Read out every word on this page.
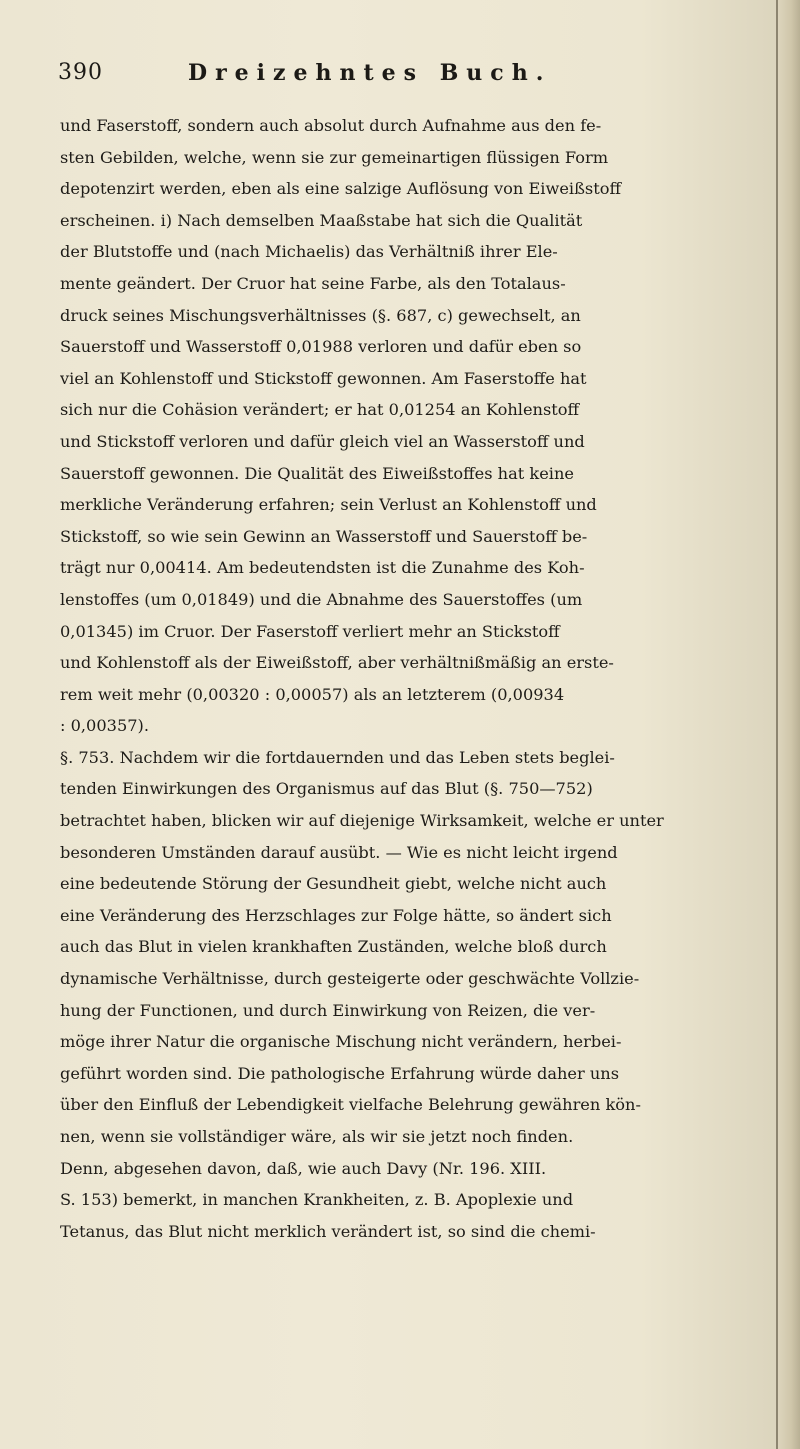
390	Dreizehntes Buch.
und Faserstoff, sondern auch absolut durch Aufnahme aus den fe-
sten Gebilden, welche, wenn sie zur gemeinartigen flüssigen Form
depotenzirt werden, eben als eine salzige Auflösung von Eiweißstoff
erscheinen. i) Nach demselben Maaßstabe hat sich die Qualität
der Blutstoffe und (nach Michaelis) das Verhältniß ihrer Ele-
mente geändert. Der Cruor hat seine Farbe, als den Totalaus-
druck seines Mischungsverhältnisses (§. 687, c) gewechselt, an
Sauerstoff und Wasserstoff 0,01988 verloren und dafür eben so
viel an Kohlenstoff und Stickstoff gewonnen. Am Faserstoffe hat
sich nur die Cohäsion verändert; er hat 0,01254 an Kohlenstoff
und Stickstoff verloren und dafür gleich viel an Wasserstoff und
Sauerstoff gewonnen. Die Qualität des Eiweißstoffes hat keine
merkliche Veränderung erfahren; sein Verlust an Kohlenstoff und
Stickstoff, so wie sein Gewinn an Wasserstoff und Sauerstoff be-
trägt nur 0,00414. Am bedeutendsten ist die Zunahme des Koh-
lenstoffes (um 0,01849) und die Abnahme des Sauerstoffes (um
0,01345) im Cruor. Der Faserstoff verliert mehr an Stickstoff
und Kohlenstoff als der Eiweißstoff, aber verhältnißmäßig an erste-
rem weit mehr (0,00320 : 0,00057) als an letzterem (0,00934
: 0,00357).
§. 753. Nachdem wir die fortdauernden und das Leben stets beglei-
tenden Einwirkungen des Organismus auf das Blut (§. 750—752)
betrachtet haben, blicken wir auf diejenige Wirksamkeit, welche er unter
besonderen Umständen darauf ausübt. — Wie es nicht leicht irgend
eine bedeutende Störung der Gesundheit giebt, welche nicht auch
eine Veränderung des Herzschlages zur Folge hätte, so ändert sich
auch das Blut in vielen krankhaften Zuständen, welche bloß durch
dynamische Verhältnisse, durch gesteigerte oder geschwächte Vollzie-
hung der Functionen, und durch Einwirkung von Reizen, die ver-
möge ihrer Natur die organische Mischung nicht verändern, herbei-
geführt worden sind. Die pathologische Erfahrung würde daher uns
über den Einfluß der Lebendigkeit vielfache Belehrung gewähren kön-
nen, wenn sie vollständiger wäre, als wir sie jetzt noch finden.
Denn, abgesehen davon, daß, wie auch Davy (Nr. 196. XIII.
S. 153) bemerkt, in manchen Krankheiten, z. B. Apoplexie und
Tetanus, das Blut nicht merklich verändert ist, so sind die chemi-
